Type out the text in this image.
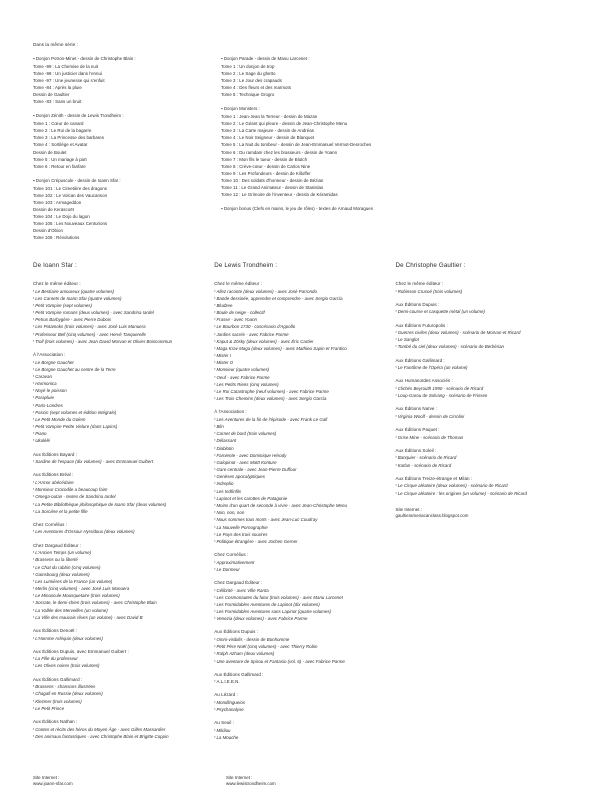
Dans la même série :
▪ Donjon Potron-Minet - dessin de Christophe Blain :
Tome -99 : La Chemise de la nuit
Tome -98 : Un justicier dans l'ennui
Tome -97 : Une jeunesse qui s'enfuit
Tome -84 : Après la pluie
Dessin de Gaultier
Tome -83 : Sans un bruit
▪ Donjon Zénith - dessin de Lewis Trondheim :
Tome 1 : Cœur de canard
Tome 2 : Le Roi de la bagarre
Tome 3 : La Princesse des barbares
Tome 4 : Sortilège et Avatar
Dessin de Boulet
Tome 5 : Un mariage à part
Tome 6 : Retour en fanfare
▪ Donjon Crépuscule - dessin de Ioann Sfar :
Tome 101 : Le Cimetière des dragons
Tome 102 : Le Volcan des Vaucanson
Tome 103 : Armageddon
Dessin de Kerascoët
Tome 104 : Le Dojo du lagon
Tome 105 : Les Nouveaux Centurions
Dessin d'Obion
Tome 106 : Révolutions
▪ Donjon Parade - dessin de Manu Larcenet :
Tome 1 : Un donjon de trop
Tome 2 : Le Sage du ghetto
Tome 3 : Le Jour des crapauds
Tome 4 : Des fleurs et des marmots
Tome 5 : Technique Grogro
▪ Donjon Monsters :
Tome 1 : Jean-Jean la Terreur - dessin de Mazan
Tome 2 : Le Géant qui pleure - dessin de Jean-Christophe Menu
Tome 3 : La Carte majeure - dessin de Andréas
Tome 4 : Le Noir Seigneur - dessin de Blanquet
Tome 5 : La Nuit du tombeur - dessin de Jean-Emmanuel Vermot-Desroches
Tome 6 : Du ramdam chez les brasseurs - dessin de Yoann
Tome 7 : Mon fils le tueur - dessin de Blutch
Tome 8 : Crève-cœur - dessin de Carlos Nine
Tome 9 : Les Profondeurs - dessin de Killoffer
Tome 10 : Des soldats d'honneur - dessin de Bézian
Tome 11 : Le Grand Animateur - dessin de Stanislas
Tome 12 : Le Grimoire de l'inventeur - dessin de Kéramidas
▪ Donjon bonus (Clefs en mains, le jeu de rôles) - textes de Arnaud Moragues
De Ioann Sfar :
Chez le même éditeur :
▪ Le Bestiaire amoureux (quatre volumes)
▪ Les Carnets de Ioann Sfar (quatre volumes)
▪ Petit Vampire (sept volumes)
▪ Petit Vampire romans (deux volumes) - avec Sandrina Iardel
▪ Petrus Barbygère - avec Pierre Dubois
▪ Les Potamoks (trois volumes) - avec José Luis Munuera
▪ Professeur Bell (cinq volumes) - avec Hervé Tanquerelle
▪ Troll (trois volumes) - avec Jean David Morvan et Olivier Boiscommun
À l'Association :
▪ Le Borgne Gauchet
▪ Le Borgne Gauchet au centre de la Terre
▪ Caravan
▪ Harmonica
▪ Noyé le poisson
▪ Parapluie
▪ Paris-Londres
▪ Pascin (sept volumes et édition intégrale)
▪ Le Petit Monde du Golem
▪ Petit Vampire Petite Vielure (dans Lapins)
▪ Piano
▪ Ukulélé
Aux Éditions Bayard :
▪ Sardine de l'espace (dix volumes) - avec Emmanuel Guibert
Aux Éditions Bréal :
▪ L'Armor abécédaire
▪ Monsieur Crocodile a beaucoup faim
▪ Omega-outan - textes de Sandrina Iardel
▪ La Petite Bibliothèque philosophique de Ioann Sfar (deux volumes)
▪ La Sorcière et la petite fille
Chez Cornélius :
▪ Les Aventures d'Ossour Hyrsidoux (deux volumes)
Chez Dargaud Éditeur :
▪ L'Ancien Temps (un volume)
▪ Brassens ou la liberté
▪ Le Chat du rabbin (cinq volumes)
▪ Gainsbourg (deux volumes)
▪ Les Lumières de la France (un volume)
▪ Merlin (cinq volumes) - avec José Luis Munuera
▪ Le Minuscule Mousquetaire (trois volumes)
▪ Socrate, le demi-chien (trois volumes) - avec Christophe Blain
▪ La Vallée des Merveilles (un volume)
▪ La Ville des mauvais rêves (un volume) - avec David B
Aux Éditions Denoël :
▪ L'Homme Arléquin (deux volumes)
Aux Éditions Dupuis, avec Emmanuel Guibert :
▪ La Fille du professeur
▪ Les Olives noires (trois volumes)
Aux Éditions Gallimard :
▪ Brassens - chansons illustrées
▪ Chagall en Russie (deux volumes)
▪ Klezmer (trois volumes)
▪ Le Petit Prince
Aux Éditions Nathan :
▪ Contes et récits des héros du Moyen Âge - avec Gilles Massardier
▪ Des animaux fantastiques - avec Christophe Blain et Brigitte Coppin
De Lewis Trondheim :
Chez le même éditeur :
▪ Allez raconte (deux volumes) - avec José Parrondo
▪ Bande dessinée, apprendre et comprendre - avec Sergio García
▪ Bludzee
▪ Boule de neige - collectif
▪ Frasse - avec Yoann
▪ Le Bourbon 1730 - coscénario d'Appollo
▪ Jardins sacrés - avec Fabrice Parme
▪ Kaput & Zösky (deux volumes) - avec Éric Cartier
▪ Maga Krav Maga (deux volumes) - avec Mathieu Sapin et Frantico
▪ Mister I
▪ Mister O
▪ Monsieur (quatre volumes)
▪ Oeuf - avec Fabrice Parme
▪ Les Petits Riens (cinq volumes)
▪ Le Roi Catastrophe (neuf volumes) - avec Fabrice Parme
▪ Les Trois Chemins (deux volumes) - avec Sergio García
À l'Association :
▪ Les Aventures de la fin de l'épisode - avec Frank Le Gall
▪ Blin
▪ Carnet de bord (trois volumes)
▪ Délassant
▪ Diablotin
▪ Farniente - avec Dominique Hérody
▪ Galopinot - avec Mattt Konture
▪ Gare centrale - avec Jean-Pierre Duffour
▪ Genèses apocalyptiques
▪ Indreplio
▪ Les Indfinfils
▪ Lapinot et les carottes de Patagonie
▪ Moins d'un quart de seconde à vivre - avec Jean-Christophe Menu
▪ Non, non, non
▪ Nous sommes tous morts - avec Jean-Luc Coudray
▪ La Nouvelle Pornographie
▪ Le Pays des trois sourires
▪ Politique étrangère - avec Jochen Gerner
Chez Cornélius :
▪ Approximativement
▪ Le Dormeur
Chez Dargaud Éditeur :
▪ Célibrité - avec Ville Ranta
▪ Les Cosmonautes du futur (trois volumes) - avec Manu Larcenet
▪ Les Formidables Aventures de Lapinot (dix volumes)
▪ Les Formidables Aventures sans Lapinot (quatre volumes)
▪ Venezia (deux volumes) - avec Fabrice Parme
Aux Éditions Dupuis :
▪ Omni-visibilis - dessin de Bonhomme
▪ Petit Père Noël (cinq volumes) - avec Thierry Robin
▪ Ralph Azham (deux volumes)
▪ Une aventure de Spirou et Fantasio (vol. 6) - avec Fabrice Parme
Aux Éditions Gallimard :
▪ A.L.I.E.E.N.
Au Lézard :
▪ Mondlingueios
▪ Psychanalyse
Au Seuil :
▪ Mildiou
▪ La Mouche
De Christophe Gaultier :
Chez le même éditeur :
▪ Robinson Crusoé (trois volumes)
Aux Éditions Dupuis :
▪ Demi-course et casquette métal (un volume)
Aux Éditions Futuropolis :
▪ Guerres civiles (deux volumes) - scénario de Morvan et Ricard
▪ Le Sanglot
▪ Tombé du ciel (deux volumes) - scénario de Berbérian
Aux Éditions Gallimard :
▪ Le Fantôme de l'Opéra (un volume)
Aux Humanoïdes Associés :
▪ Clichés Beyrouth 1990 - scénario de Ricard
▪ Loup-Garou de Solvang - scénario de Frissen
Aux Éditions Naïve :
▪ Virginia Woolf - dessin de Cirrolini
Aux Éditions Paquet :
▪ Grise Mine - scénario de Thomas
Aux Éditions Soleil :
▪ Banquier - scénario de Ricard
▪ Kaïlan - scénario de Ricard
Aux Éditions Treize-étrange et Milan :
▪ Le Cirque aléatoire (deux volumes) - scénario de Ricard
▪ Le Cirque aléatoire : les origines (un volume) - scénario de Ricard
Site Internet :
gaultierameriacanclass.blogspot.com
Site Internet :
www.joann-sfar.com
Site Internet :
www.lewistrondheim.com
